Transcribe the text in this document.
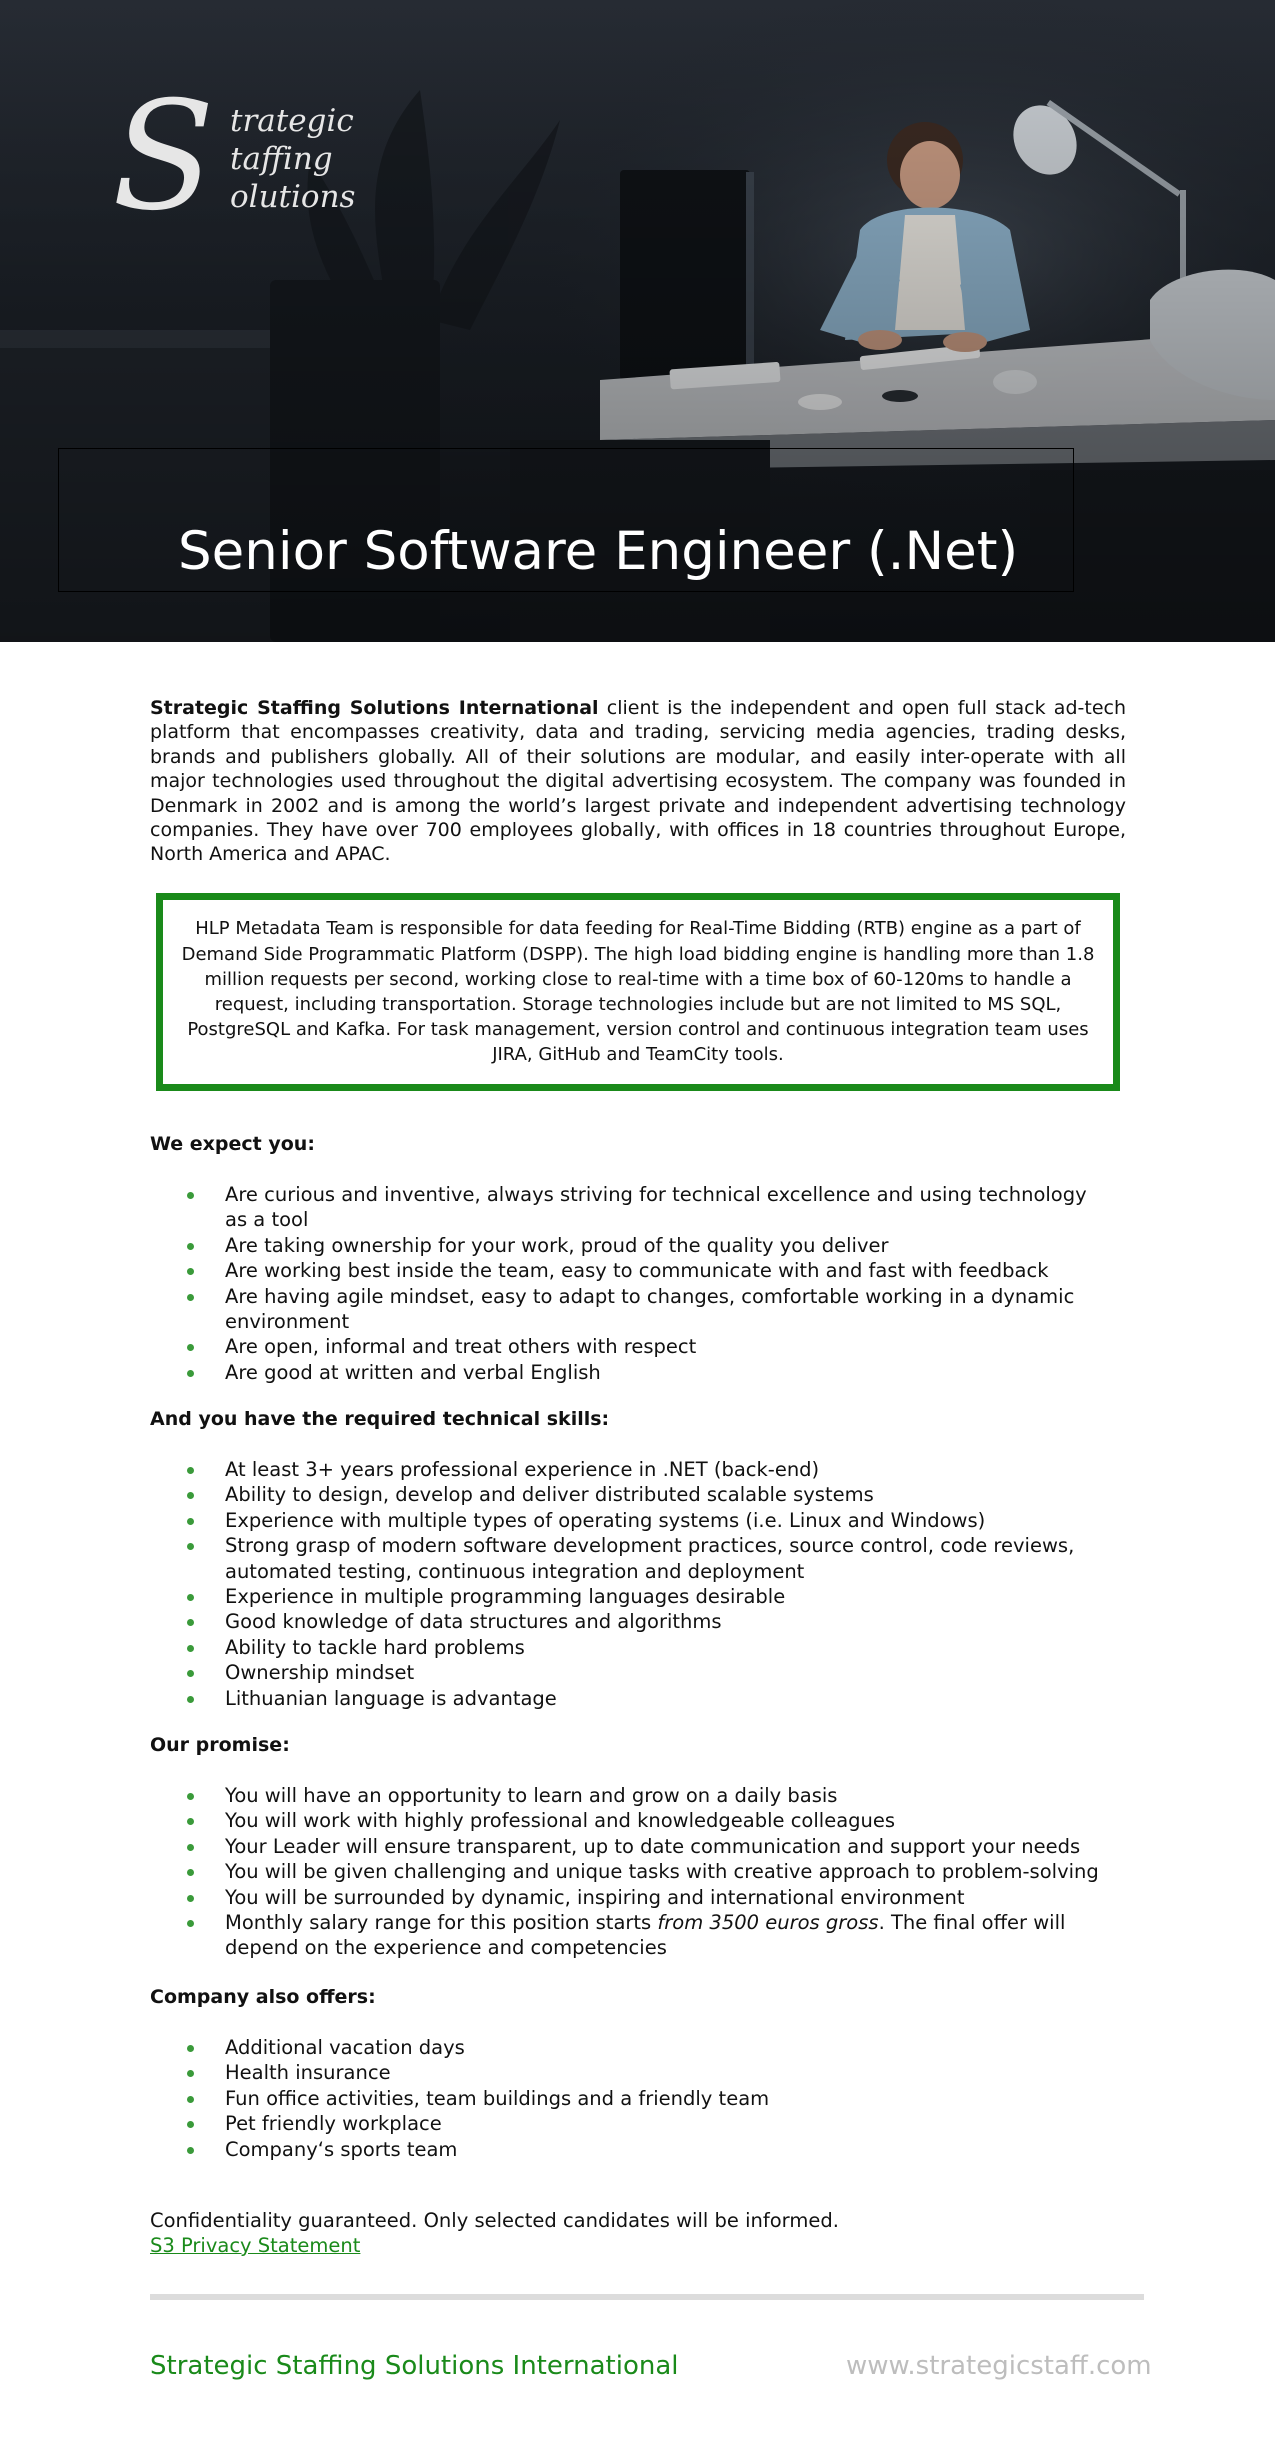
S trategic
taffing
olutions
Senior Software Engineer (.Net)

Strategic Staffing Solutions International client is the independent and open full stack ad-tech platform that encompasses creativity, data and trading, servicing media agencies, trading desks, brands and publishers globally. All of their solutions are modular, and easily inter-operate with all major technologies used throughout the digital advertising ecosystem. The company was founded in Denmark in 2002 and is among the world’s largest private and independent advertising technology companies. They have over 700 employees globally, with offices in 18 countries throughout Europe, North America and APAC.

HLP Metadata Team is responsible for data feeding for Real-Time Bidding (RTB) engine as a part of Demand Side Programmatic Platform (DSPP). The high load bidding engine is handling more than 1.8 million requests per second, working close to real-time with a time box of 60-120ms to handle a request, including transportation. Storage technologies include but are not limited to MS SQL, PostgreSQL and Kafka. For task management, version control and continuous integration team uses JIRA, GitHub and TeamCity tools.

We expect you:
Are curious and inventive, always striving for technical excellence and using technology as a tool
Are taking ownership for your work, proud of the quality you deliver
Are working best inside the team, easy to communicate with and fast with feedback
Are having agile mindset, easy to adapt to changes, comfortable working in a dynamic environment
Are open, informal and treat others with respect
Are good at written and verbal English
And you have the required technical skills:
At least 3+ years professional experience in .NET (back-end)
Ability to design, develop and deliver distributed scalable systems
Experience with multiple types of operating systems (i.e. Linux and Windows)
Strong grasp of modern software development practices, source control, code reviews, automated testing, continuous integration and deployment
Experience in multiple programming languages desirable
Good knowledge of data structures and algorithms
Ability to tackle hard problems
Ownership mindset
Lithuanian language is advantage
Our promise:
You will have an opportunity to learn and grow on a daily basis
You will work with highly professional and knowledgeable colleagues
Your Leader will ensure transparent, up to date communication and support your needs
You will be given challenging and unique tasks with creative approach to problem-solving
You will be surrounded by dynamic, inspiring and international environment
Monthly salary range for this position starts from 3500 euros gross. The final offer will depend on the experience and competencies
Company also offers:
Additional vacation days
Health insurance
Fun office activities, team buildings and a friendly team
Pet friendly workplace
Company‘s sports team
Confidentiality guaranteed. Only selected candidates will be informed.
S3 Privacy Statement
Strategic Staffing Solutions International	www.strategicstaff.com
